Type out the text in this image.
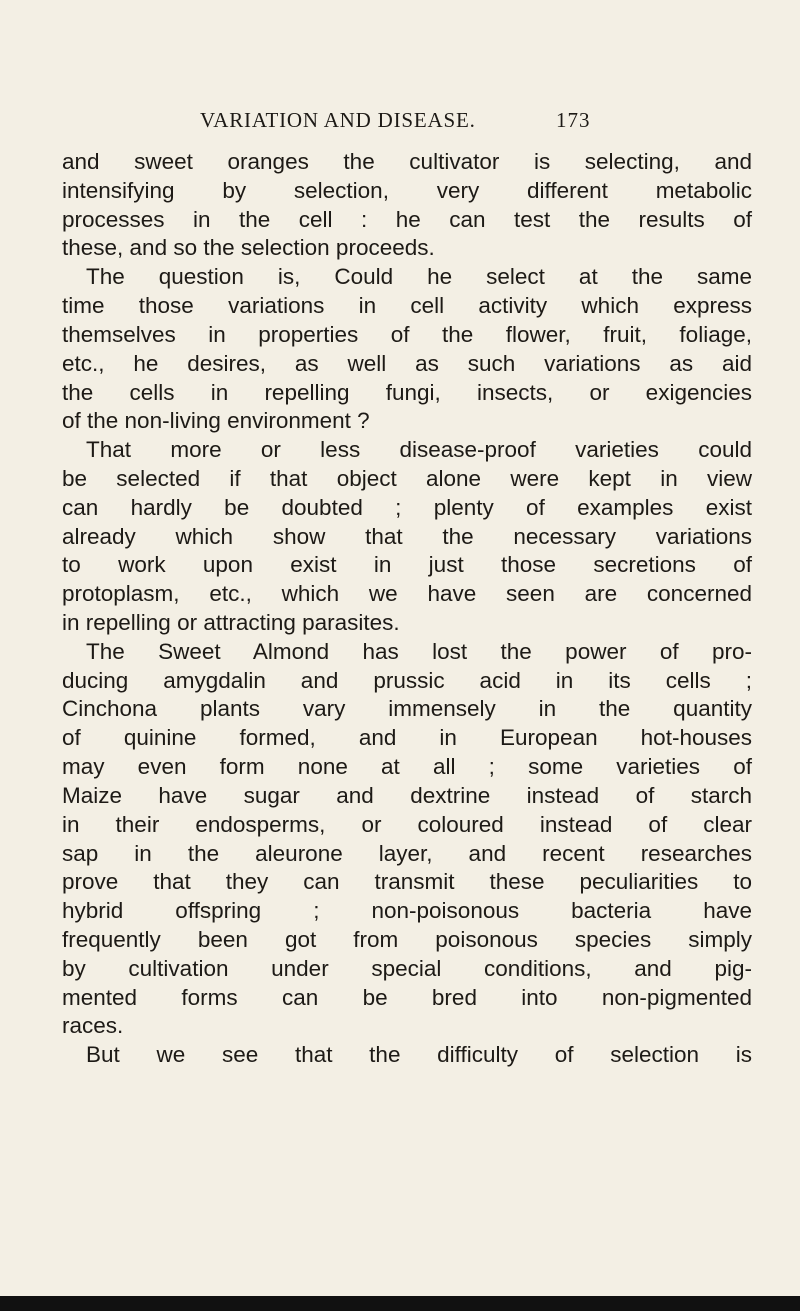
VARIATION AND DISEASE.	173
and sweet oranges the cultivator is selecting, and
intensifying by selection, very different metabolic
processes in the cell : he can test the results of
these, and so the selection proceeds.
The question is, Could he select at the same
time those variations in cell activity which express
themselves in properties of the flower, fruit, foliage,
etc., he desires, as well as such variations as aid
the cells in repelling fungi, insects, or exigencies
of the non-living environment ?
That more or less disease-proof varieties could
be selected if that object alone were kept in view
can hardly be doubted ; plenty of examples exist
already which show that the necessary variations
to work upon exist in just those secretions of
protoplasm, etc., which we have seen are concerned
in repelling or attracting parasites.
The Sweet Almond has lost the power of pro-
ducing amygdalin and prussic acid in its cells ;
Cinchona plants vary immensely in the quantity
of quinine formed, and in European hot-houses
may even form none at all ; some varieties of
Maize have sugar and dextrine instead of starch
in their endosperms, or coloured instead of clear
sap in the aleurone layer, and recent researches
prove that they can transmit these peculiarities to
hybrid offspring ; non-poisonous bacteria have
frequently been got from poisonous species simply
by cultivation under special conditions, and pig-
mented forms can be bred into non-pigmented
races.
But we see that the difficulty of selection is
